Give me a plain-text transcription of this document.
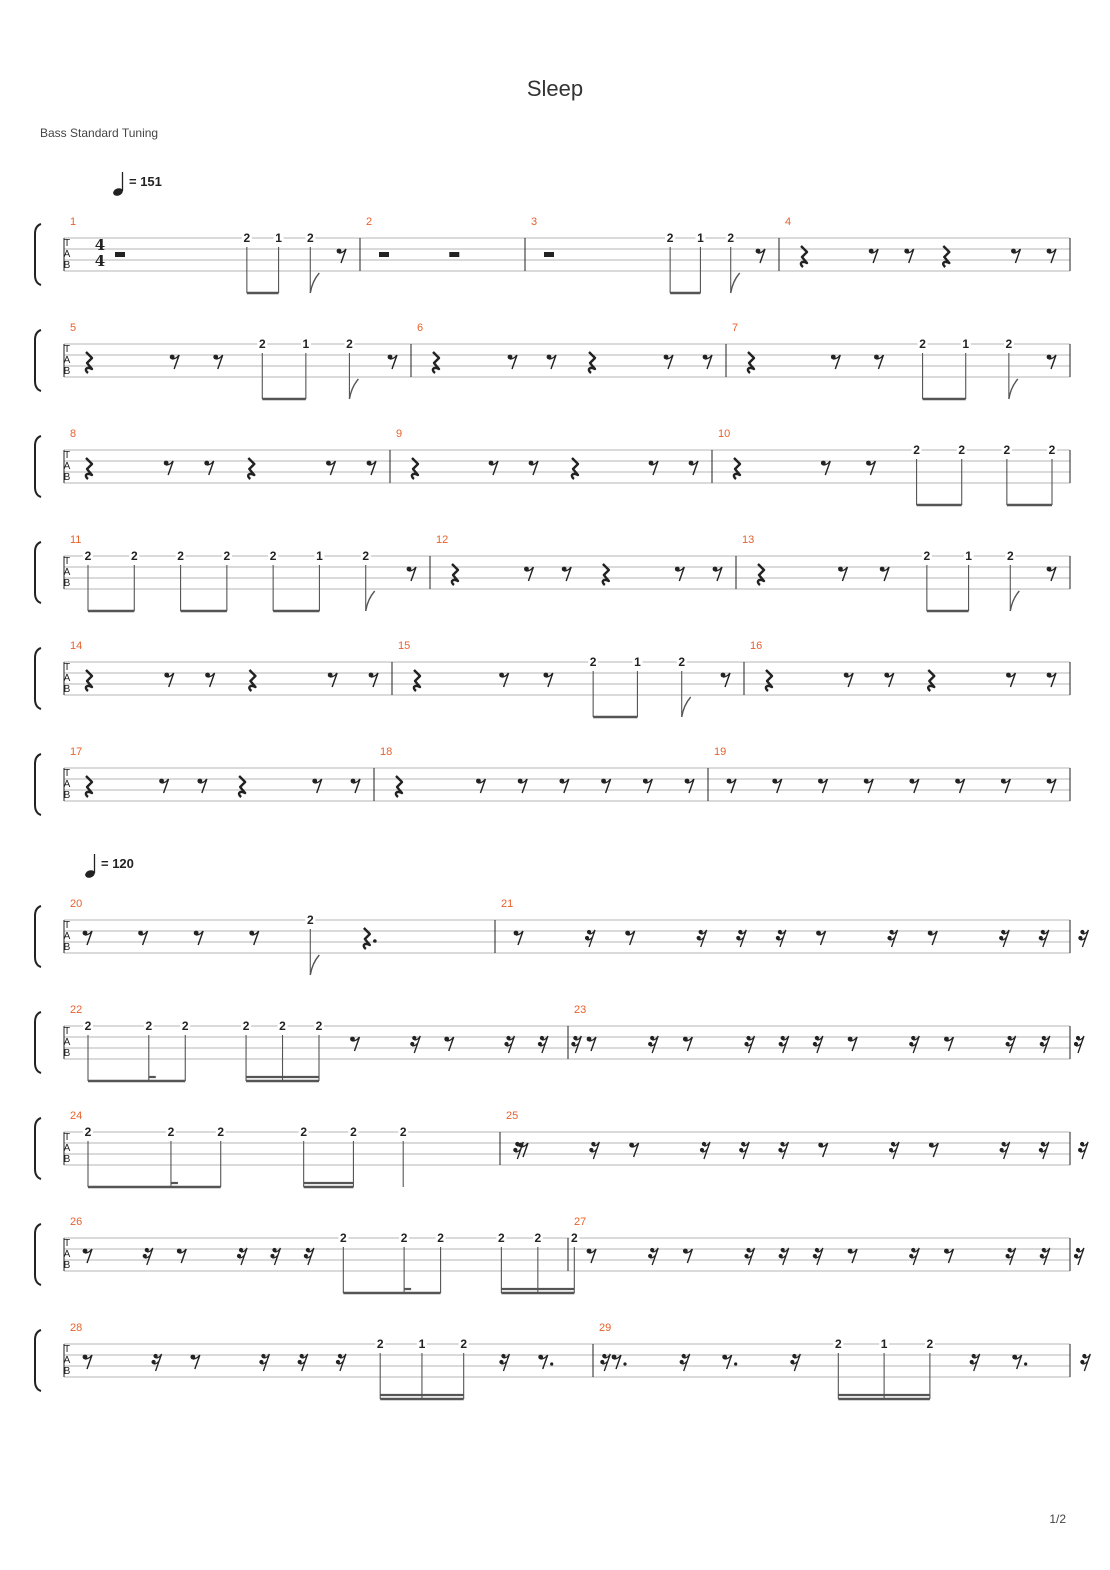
Sleep
Bass Standard Tuning
1/2
T
A
B
4
4
= 151
1
2 1 2
2	3
2 1 2
4
T
A
B
5
2	1	2
6	7
2	1	2
T
A
B
8	9	10
2	2	2	2
T
A
B
11
2	2	2	2	2	1	2
12	13
2	1	2
T
A
B
14	15
2	1	2
16
T
A
B
17	18	19
T
A
B
= 120
20
2
21
T
A
B
22
2	2 2	2 2 2
23
T
A
B
24
2	2	2	2	2	2
25
T
A
B
26
2	2 2	2 2 2
27
T
A
B
28
2	1	2
29
2	1	2
